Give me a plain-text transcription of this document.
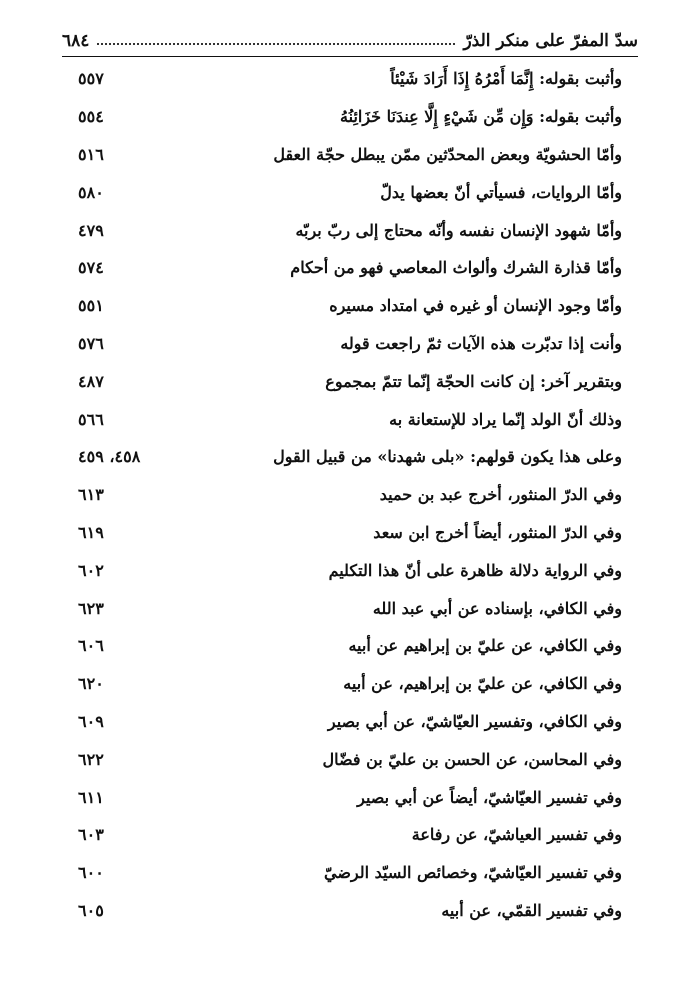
سدّ المفرّ على منكر الذرّ
٦٨٤
وأثبت بقوله: إِنَّمَا أَمْرُهُ إِذَا أَرَادَ شَيْئاً
٥٥٧
وأثبت بقوله: وَإِن مِّن شَيْءٍ إِلَّا عِندَنَا خَزَائِنُهُ
٥٥٤
وأمّا الحشويّة وبعض المحدّثين ممّن يبطل حجّة العقل
٥١٦
وأمّا الروايات، فسيأتي أنّ بعضها يدلّ
٥٨٠
وأمّا شهود الإنسان نفسه وأنّه محتاج إلى ربّ بربّه
٤٧٩
وأمّا قذارة الشرك وألواث المعاصي فهو من أحكام
٥٧٤
وأمّا وجود الإنسان أو غيره في امتداد مسيره
٥٥١
وأنت إذا تدبّرت هذه الآيات ثمّ راجعت قوله
٥٧٦
وبتقرير آخر: إن كانت الحجّة إنّما تتمّ بمجموع
٤٨٧
وذلك أنّ الولد إنّما يراد للإستعانة به
٥٦٦
وعلى هذا يكون قولهم: «بلى شهدنا» من قبيل القول
٤٥٨، ٤٥٩
وفي الدرّ المنثور، أخرج عبد بن حميد
٦١٣
وفي الدرّ المنثور، أيضاً أخرج ابن سعد
٦١٩
وفي الرواية دلالة ظاهرة على أنّ هذا التكليم
٦٠٢
وفي الكافي، بإسناده عن أبي عبد الله
٦٢٣
وفي الكافي، عن عليّ بن إبراهيم عن أبيه
٦٠٦
وفي الكافي، عن عليّ بن إبراهيم، عن أبيه
٦٢٠
وفي الكافي، وتفسير العيّاشيّ، عن أبي بصير
٦٠٩
وفي المحاسن، عن الحسن بن عليّ بن فضّال
٦٢٢
وفي تفسير العيّاشيّ، أيضاً عن أبي بصير
٦١١
وفي تفسير العياشيّ، عن رفاعة
٦٠٣
وفي تفسير العيّاشيّ، وخصائص السيّد الرضيّ
٦٠٠
وفي تفسير القمّي، عن أبيه
٦٠٥
